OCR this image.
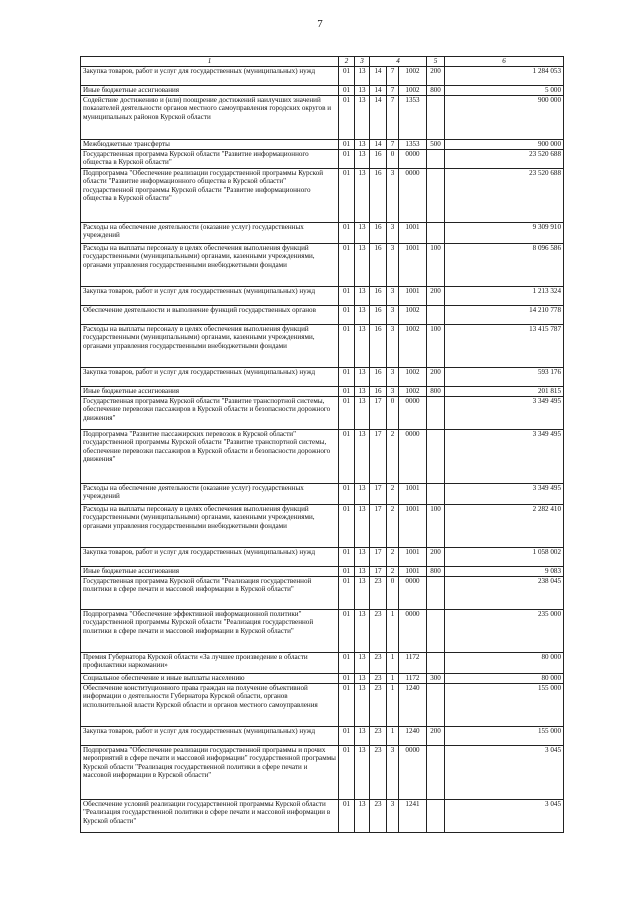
7
1	2	3	4			5	6
Закупка товаров, работ и услуг для государственных (муниципальных) нужд	01	13	14	7	1002	200	1 284 053
Иные бюджетные ассигнования	01	13	14	7	1002	800	5 000
Содействие достижению и (или) поощрение достижений наилучших значений показателей деятельности органов местного самоуправления городских округов и муниципальных районов Курской области	01	13	14	7	1353		900 000
Межбюджетные трансферты	01	13	14	7	1353	500	900 000
Государственная программа Курской области "Развитие информационного общества в Курской области"	01	13	16	0	0000		23 520 688
Подпрограмма "Обеспечение реализации государственной программы Курской области "Развитие информационного общества в Курской области" государственной программы Курской области "Развитие информационного общества в Курской области"	01	13	16	3	0000		23 520 688
Расходы на обеспечение деятельности (оказание услуг) государственных учреждений	01	13	16	3	1001		9 309 910
Расходы на выплаты персоналу в целях обеспечения выполнения функций государственными (муниципальными) органами, казенными учреждениями, органами управления государственными внебюджетными фондами	01	13	16	3	1001	100	8 096 586
Закупка товаров, работ и услуг для государственных (муниципальных) нужд	01	13	16	3	1001	200	1 213 324
Обеспечение деятельности и выполнение функций государственных органов	01	13	16	3	1002		14 210 778
Расходы на выплаты персоналу в целях обеспечения выполнения функций государственными (муниципальными) органами, казенными учреждениями, органами управления государственными внебюджетными фондами	01	13	16	3	1002	100	13 415 787
Закупка товаров, работ и услуг для государственных (муниципальных) нужд	01	13	16	3	1002	200	593 176
Иные бюджетные ассигнования	01	13	16	3	1002	800	201 815
Государственная программа Курской области "Развитие транспортной системы, обеспечение перевозки пассажиров в Курской области и безопасности дорожного движения"	01	13	17	0	0000		3 349 495
Подпрограмма "Развитие пассажирских перевозок в Курской области" государственной программы Курской области "Развитие транспортной системы, обеспечение перевозки пассажиров в Курской области и безопасности дорожного движения"	01	13	17	2	0000		3 349 495
Расходы на обеспечение деятельности (оказание услуг) государственных учреждений	01	13	17	2	1001		3 349 495
Расходы на выплаты персоналу в целях обеспечения выполнения функций государственными (муниципальными) органами, казенными учреждениями, органами управления государственными внебюджетными фондами	01	13	17	2	1001	100	2 282 410
Закупка товаров, работ и услуг для государственных (муниципальных) нужд	01	13	17	2	1001	200	1 058 002
Иные бюджетные ассигнования	01	13	17	2	1001	800	9 083
Государственная программа Курской области "Реализация государственной политики в сфере печати и массовой информации в Курской области"	01	13	23	0	0000		238 045
Подпрограмма "Обеспечение эффективной информационной политики" государственной программы Курской области "Реализация государственной политики в сфере печати и массовой информации в Курской области"	01	13	23	1	0000		235 000
Премия Губернатора Курской области «За лучшее произведение в области профилактики наркомании»	01	13	23	1	1172		80 000
Социальное обеспечение и иные выплаты населению	01	13	23	1	1172	300	80 000
Обеспечение конституционного права граждан на получение объективной информации о деятельности Губернатора Курской области, органов исполнительной власти Курской области и органов местного самоуправления	01	13	23	1	1240		155 000
Закупка товаров, работ и услуг для государственных (муниципальных) нужд	01	13	23	1	1240	200	155 000
Подпрограмма "Обеспечение реализации государственной программы и прочих мероприятий в сфере печати и массовой информации" государственной программы Курской области "Реализация государственной политики в сфере печати и массовой информации в Курской области"	01	13	23	3	0000		3 045
Обеспечение условий реализации государственной программы Курской области "Реализация государственной политики в сфере печати и массовой информации в Курской области"	01	13	23	3	1241		3 045
